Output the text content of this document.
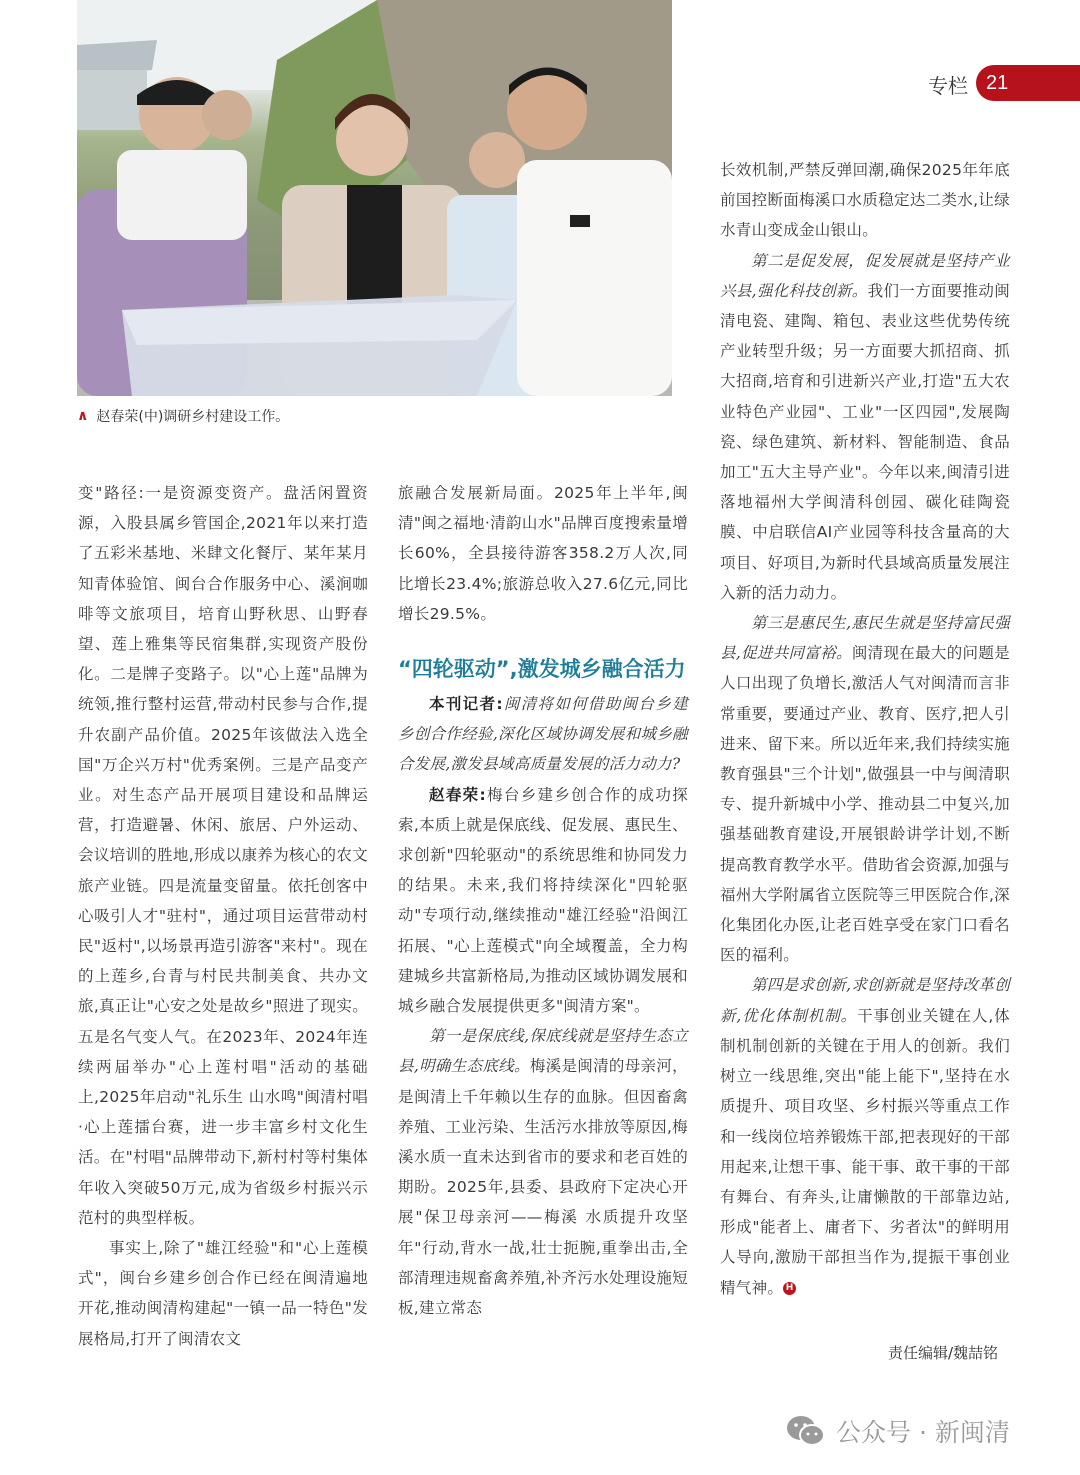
专栏 21
∧ 赵春荣(中)调研乡村建设工作。

变"路径:一是资源变资产。盘活闲置资源，入股县属乡管国企,2021年以来打造了五彩米基地、米肆文化餐厅、某年某月知青体验馆、闽台合作服务中心、溪涧咖啡等文旅项目，培育山野秋思、山野春望、莲上雅集等民宿集群,实现资产股份化。二是牌子变路子。以"心上莲"品牌为统领,推行整村运营,带动村民参与合作,提升农副产品价值。2025年该做法入选全国"万企兴万村"优秀案例。三是产品变产业。对生态产品开展项目建设和品牌运营，打造避暑、休闲、旅居、户外运动、会议培训的胜地,形成以康养为核心的农文旅产业链。四是流量变留量。依托创客中心吸引人才"驻村"，通过项目运营带动村民"返村",以场景再造引游客"来村"。现在的上莲乡,台青与村民共制美食、共办文旅,真正让"心安之处是故乡"照进了现实。五是名气变人气。在2023年、2024年连续两届举办"心上莲村唱"活动的基础上,2025年启动"礼乐生 山水鸣"闽清村唱·心上莲擂台赛，进一步丰富乡村文化生活。在"村唱"品牌带动下,新村村等村集体年收入突破50万元,成为省级乡村振兴示范村的典型样板。

事实上,除了"雄江经验"和"心上莲模式"，闽台乡建乡创合作已经在闽清遍地开花,推动闽清构建起"一镇一品一特色"发展格局,打开了闽清农文

旅融合发展新局面。2025年上半年,闽清"闽之福地·清韵山水"品牌百度搜索量增长60%，全县接待游客358.2万人次,同比增长23.4%;旅游总收入27.6亿元,同比增长29.5%。

“四轮驱动”,激发城乡融合活力

本刊记者:闽清将如何借助闽台乡建乡创合作经验,深化区域协调发展和城乡融合发展,激发县域高质量发展的活力动力?

赵春荣:梅台乡建乡创合作的成功探索,本质上就是保底线、促发展、惠民生、求创新"四轮驱动"的系统思维和协同发力的结果。未来,我们将持续深化"四轮驱动"专项行动,继续推动"雄江经验"沿闽江拓展、"心上莲模式"向全域覆盖，全力构建城乡共富新格局,为推动区域协调发展和城乡融合发展提供更多"闽清方案"。

第一是保底线,保底线就是坚持生态立县,明确生态底线。梅溪是闽清的母亲河，是闽清上千年赖以生存的血脉。但因畜禽养殖、工业污染、生活污水排放等原因,梅溪水质一直未达到省市的要求和老百姓的期盼。2025年,县委、县政府下定决心开展"保卫母亲河——梅溪 水质提升攻坚年"行动,背水一战,壮士扼腕,重拳出击,全部清理违规畜禽养殖,补齐污水处理设施短板,建立常态

长效机制,严禁反弹回潮,确保2025年年底前国控断面梅溪口水质稳定达二类水,让绿水青山变成金山银山。

第二是促发展，促发展就是坚持产业兴县,强化科技创新。我们一方面要推动闽清电瓷、建陶、箱包、表业这些优势传统产业转型升级；另一方面要大抓招商、抓大招商,培育和引进新兴产业,打造"五大农业特色产业园"、工业"一区四园",发展陶瓷、绿色建筑、新材料、智能制造、食品加工"五大主导产业"。今年以来,闽清引进落地福州大学闽清科创园、碳化硅陶瓷膜、中启联信AI产业园等科技含量高的大项目、好项目,为新时代县域高质量发展注入新的活力动力。

第三是惠民生,惠民生就是坚持富民强县,促进共同富裕。闽清现在最大的问题是人口出现了负增长,激活人气对闽清而言非常重要，要通过产业、教育、医疗,把人引进来、留下来。所以近年来,我们持续实施教育强县"三个计划",做强县一中与闽清职专、提升新城中小学、推动县二中复兴,加强基础教育建设,开展银龄讲学计划,不断提高教育教学水平。借助省会资源,加强与福州大学附属省立医院等三甲医院合作,深化集团化办医,让老百姓享受在家门口看名医的福利。

第四是求创新,求创新就是坚持改革创新,优化体制机制。干事创业关键在人,体制机制创新的关键在于用人的创新。我们树立一线思维,突出"能上能下",坚持在水质提升、项目攻坚、乡村振兴等重点工作和一线岗位培养锻炼干部,把表现好的干部用起来,让想干事、能干事、敢干事的干部有舞台、有奔头,让庸懒散的干部靠边站,形成"能者上、庸者下、劣者汰"的鲜明用人导向,激励干部担当作为,提振干事创业精气神。 H

责任编辑/魏喆铭
公众号 · 新闽清
